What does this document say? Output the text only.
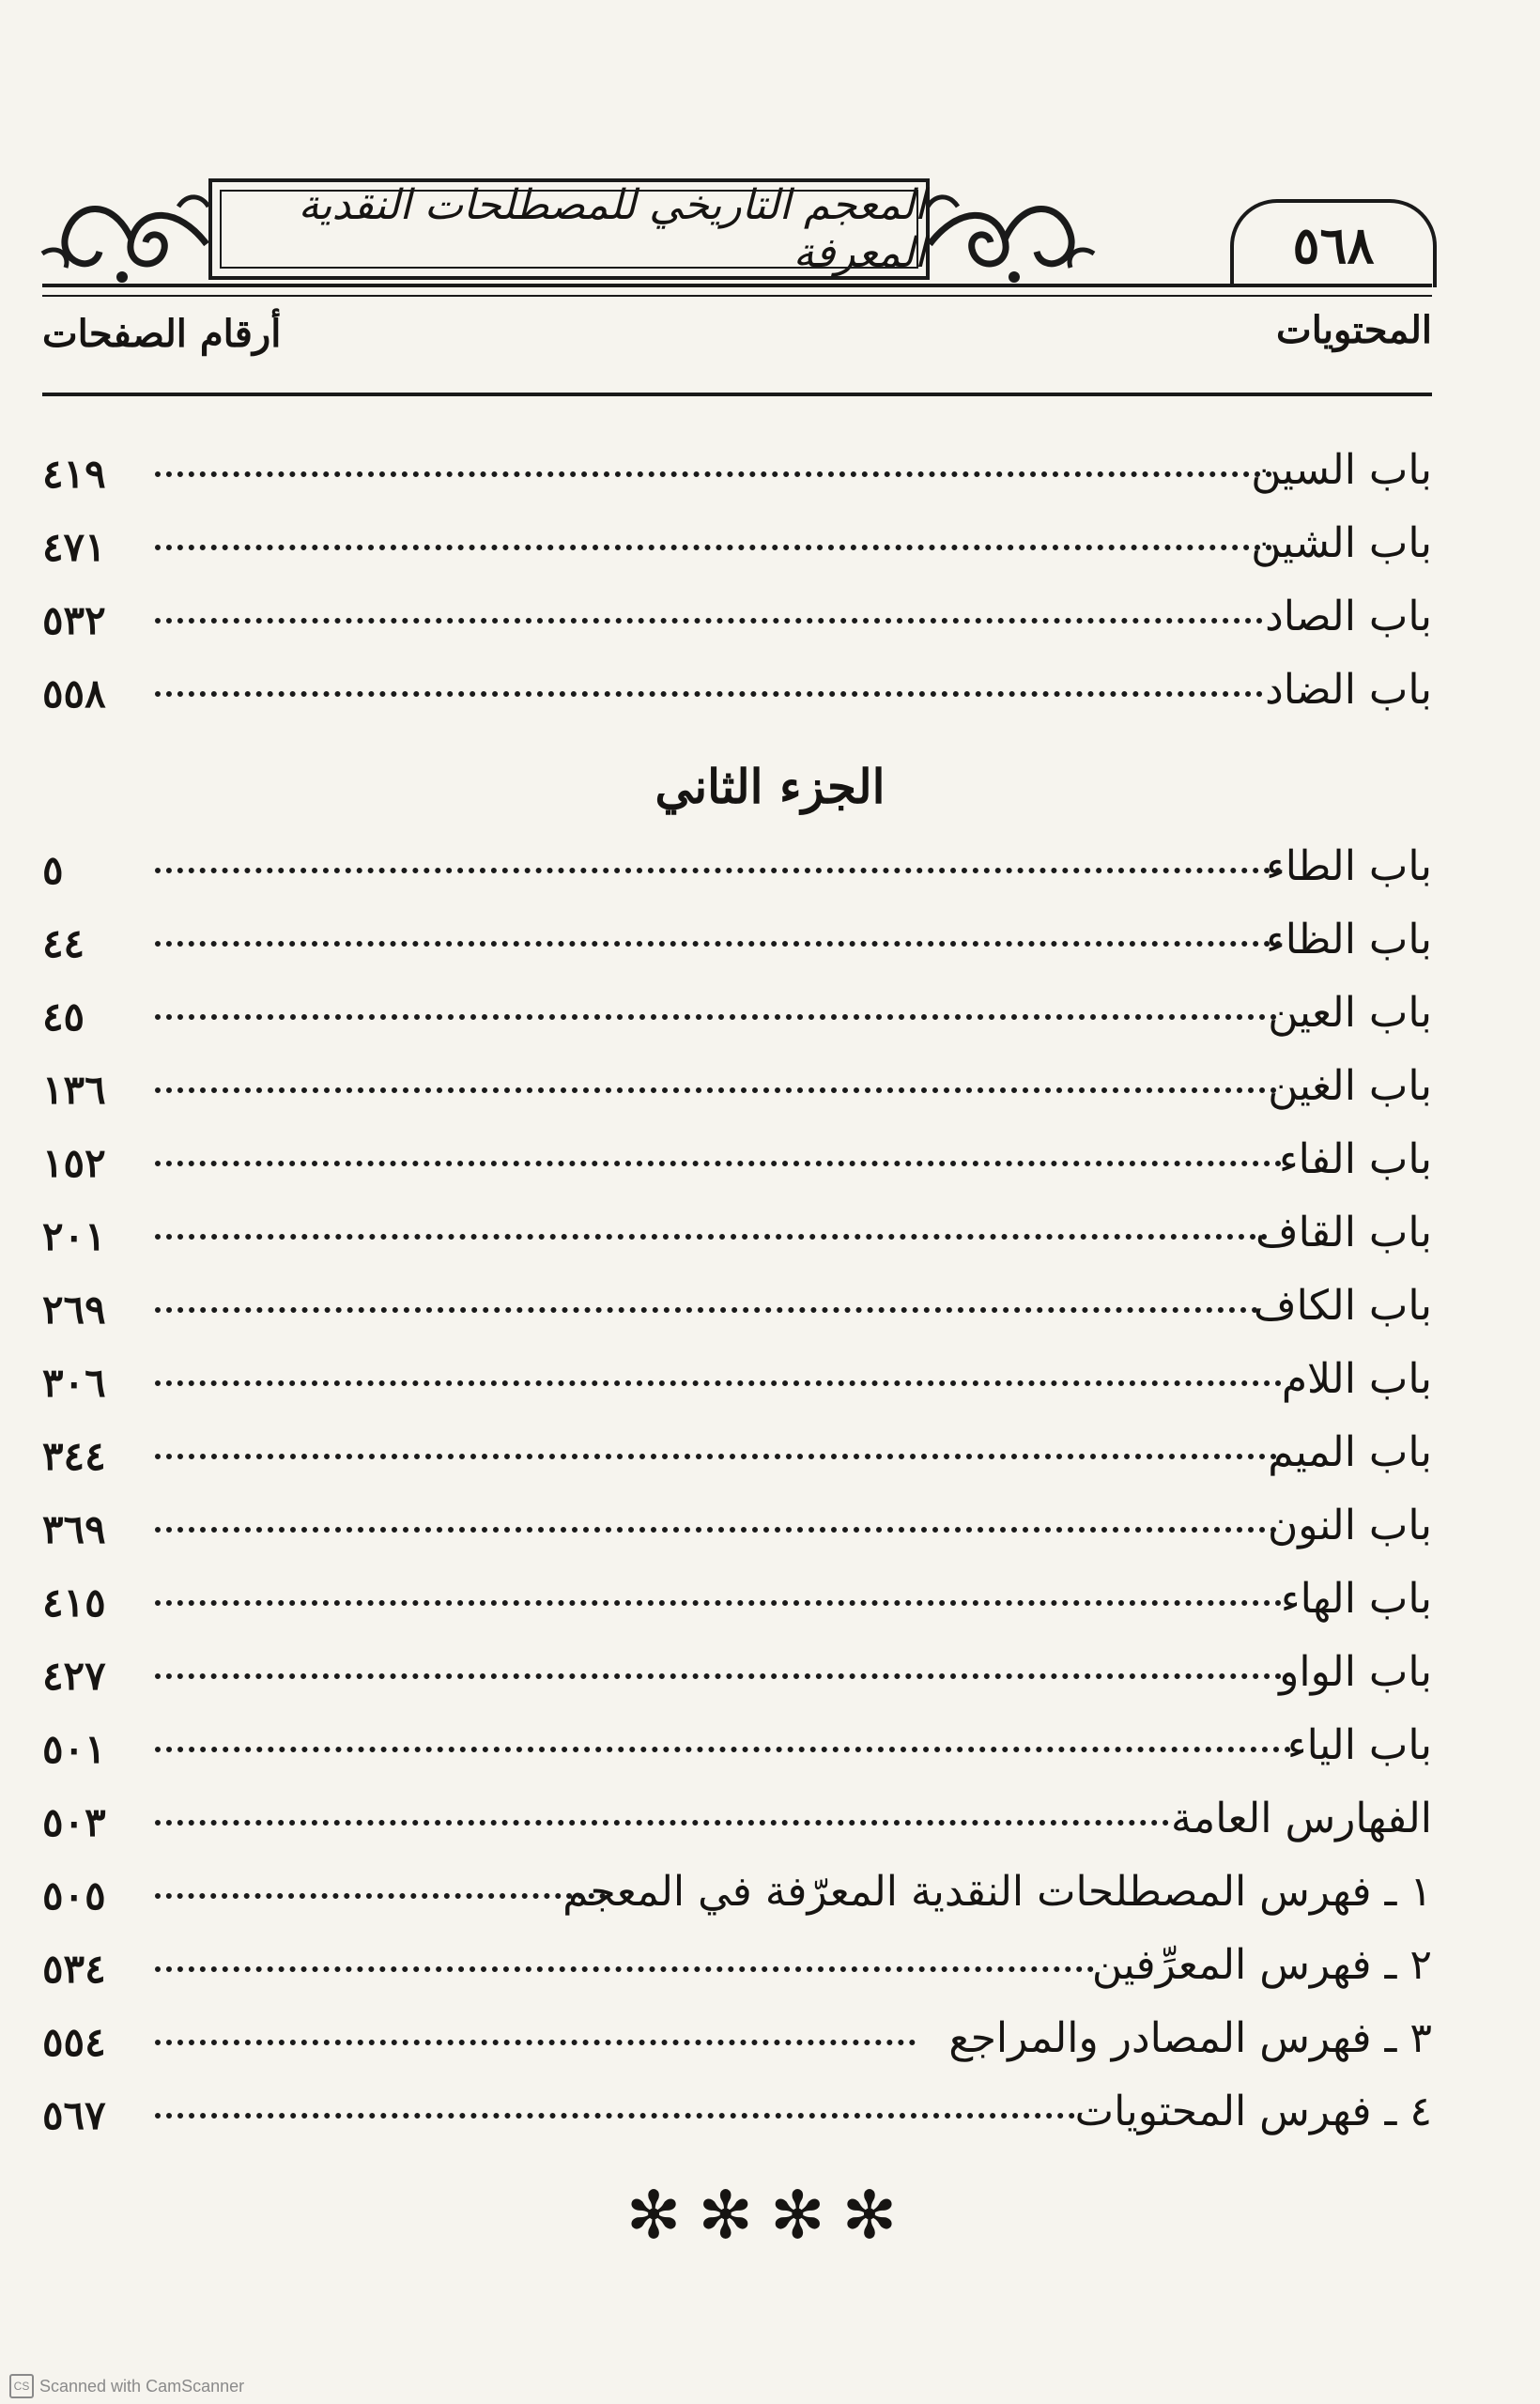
٥٦٨
المعجم التاريخي للمصطلحات النقدية المعرفة
المحتويات
أرقام الصفحات
باب السين
٤١٩
باب الشين
٤٧١
باب الصاد
٥٣٢
باب الضاد
٥٥٨
الجزء الثاني
باب الطاء
٥
باب الظاء
٤٤
باب العين
٤٥
باب الغين
١٣٦
باب الفاء
١٥٢
باب القاف
٢٠١
باب الكاف
٢٦٩
باب اللام
٣٠٦
باب الميم
٣٤٤
باب النون
٣٦٩
باب الهاء
٤١٥
باب الواو
٤٢٧
باب الياء
٥٠١
الفهارس العامة
٥٠٣
١ ـ فهرس المصطلحات النقدية المعرّفة في المعجم
٥٠٥
٢ ـ فهرس المعرِّفين
٥٣٤
٣ ـ فهرس المصادر والمراجع
٥٥٤
٤ ـ فهرس المحتويات
٥٦٧
✻✻✻✻
CS Scanned with CamScanner
